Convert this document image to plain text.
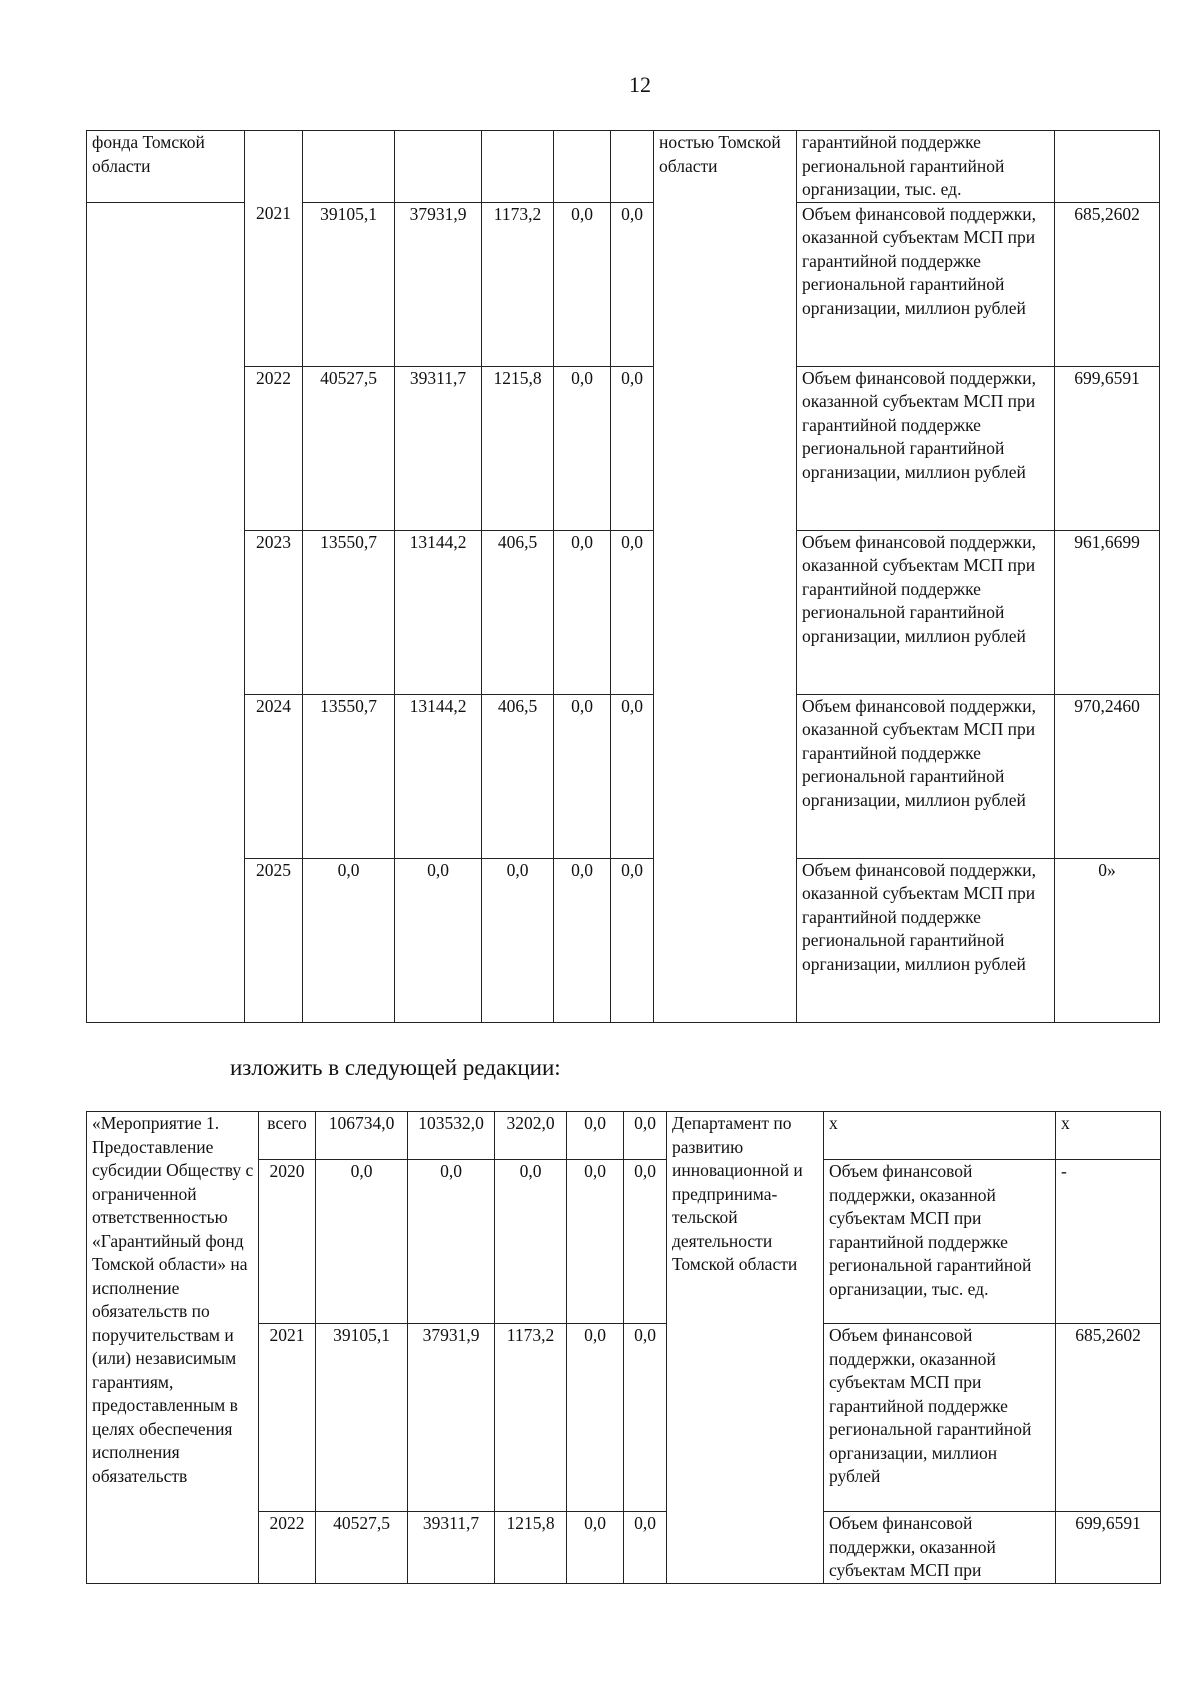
12
фонда Томской области							ностью Томской области	гарантийной поддержке региональной гарантийной организации, тыс. ед.	
	2021	39105,1	37931,9	1173,2	0,0	0,0		Объем финансовой поддержки, оказанной субъектам МСП при гарантийной поддержке региональной гарантийной организации, миллион рублей	685,2602
	2022	40527,5	39311,7	1215,8	0,0	0,0		Объем финансовой поддержки, оказанной субъектам МСП при гарантийной поддержке региональной гарантийной организации, миллион рублей	699,6591
	2023	13550,7	13144,2	406,5	0,0	0,0		Объем финансовой поддержки, оказанной субъектам МСП при гарантийной поддержке региональной гарантийной организации, миллион рублей	961,6699
	2024	13550,7	13144,2	406,5	0,0	0,0		Объем финансовой поддержки, оказанной субъектам МСП при гарантийной поддержке региональной гарантийной организации, миллион рублей	970,2460
	2025	0,0	0,0	0,0	0,0	0,0		Объем финансовой поддержки, оказанной субъектам МСП при гарантийной поддержке региональной гарантийной организации, миллион рублей	0»
изложить в следующей редакции:
«Мероприятие 1. Предоставление субсидии Обществу с ограниченной ответственностью «Гарантийный фонд Томской области» на исполнение обязательств по поручительствам и (или) независимым гарантиям, предоставленным в целях обеспечения исполнения обязательств	всего	106734,0	103532,0	3202,0	0,0	0,0	Департамент по развитию инновационной и предпринима-тельской деятельности Томской области	х	х
	2020	0,0	0,0	0,0	0,0	0,0		Объем финансовой поддержки, оказанной субъектам МСП при гарантийной поддержке региональной гарантийной организации, тыс. ед.	-
	2021	39105,1	37931,9	1173,2	0,0	0,0		Объем финансовой поддержки, оказанной субъектам МСП при гарантийной поддержке региональной гарантийной организации, миллион рублей	685,2602
	2022	40527,5	39311,7	1215,8	0,0	0,0		Объем финансовой поддержки, оказанной субъектам МСП при	699,6591
